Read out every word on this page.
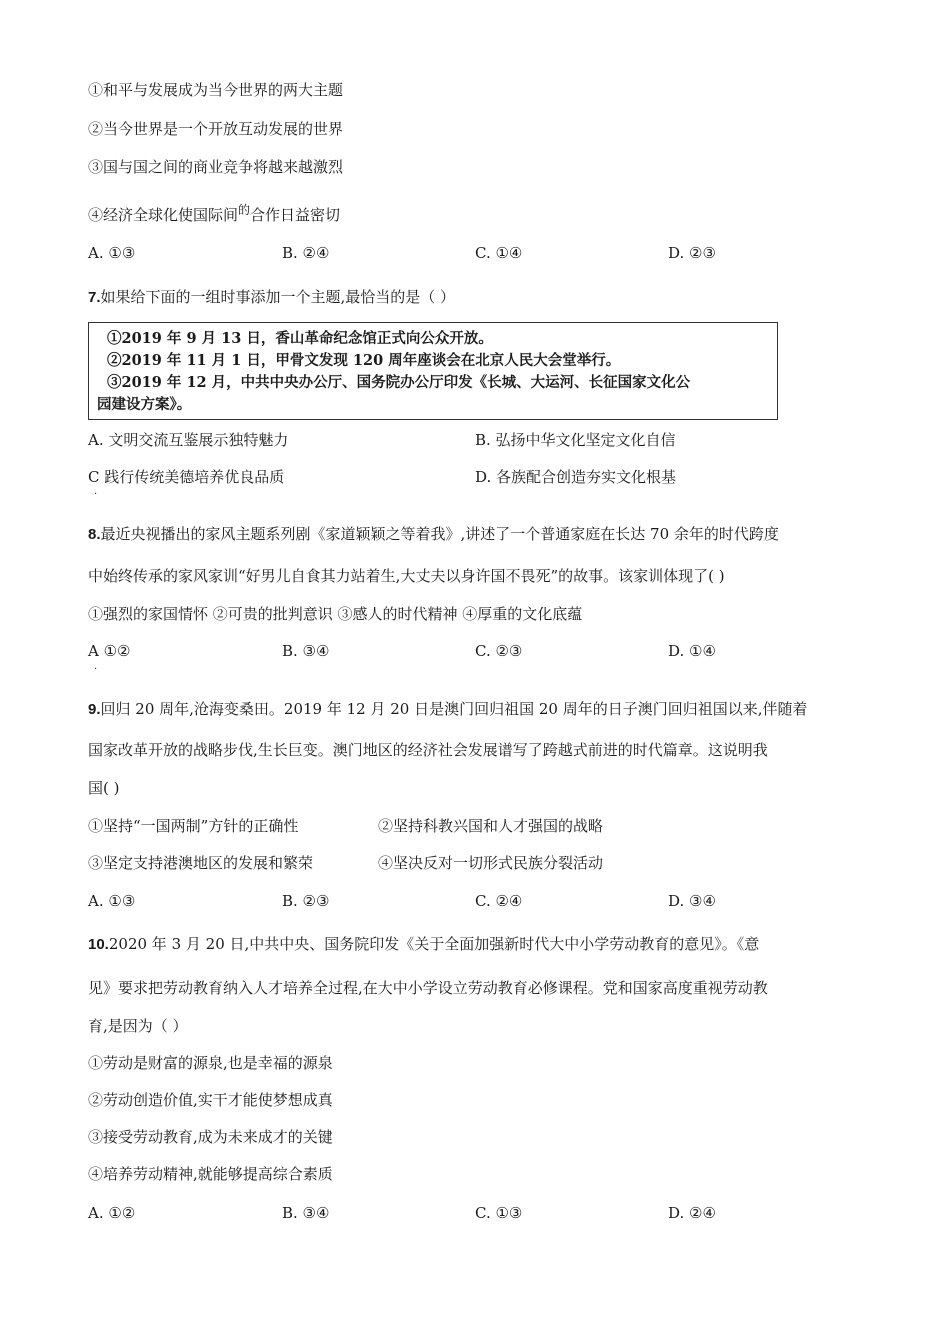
①和平与发展成为当今世界的两大主题
②当今世界是一个开放互动发展的世界
③国与国之间的商业竞争将越来越激烈
④经济全球化使国际间$^的$合作日益密切
A. ①③	B. ②④	C. ①④	D. ②③
7.如果给下面的一组时事添加一个主题,最恰当的是（ ）
①2019 年 9 月 13 日，香山革命纪念馆正式向公众开放。
②2019 年 11 月 1 日，甲骨文发现 120 周年座谈会在北京人民大会堂举行。
③2019 年 12 月，中共中央办公厅、国务院办公厅印发《长城、大运河、长征国家文化公
园建设方案》。
A. 文明交流互鉴展示独特魅力	B. 弘扬中华文化坚定文化自信
C 践行传统美德培养优良品质	D. 各族配合创造夯实文化根基
.
8.最近央视播出的家风主题系列剧《家道颖颖之等着我》,讲述了一个普通家庭在长达 70 余年的时代跨度
中始终传承的家风家训“好男儿自食其力站着生,大丈夫以身许国不畏死”的故事。该家训体现了( )
①强烈的家国情怀 ②可贵的批判意识 ③感人的时代精神 ④厚重的文化底蕴
A ①②	B. ③④	C. ②③	D. ①④
.
9.回归 20 周年,沧海变桑田。2019 年 12 月 20 日是澳门回归祖国 20 周年的日子澳门回归祖国以来,伴随着
国家改革开放的战略步伐,生长巨变。澳门地区的经济社会发展谱写了跨越式前进的时代篇章。这说明我
国( )
①坚持“一国两制”方针的正确性	②坚持科教兴国和人才强国的战略
③坚定支持港澳地区的发展和繁荣	④坚决反对一切形式民族分裂活动
A. ①③	B. ②③	C. ②④	D. ③④
10.2020 年 3 月 20 日,中共中央、国务院印发《关于全面加强新时代大中小学劳动教育的意见》。《意
见》要求把劳动教育纳入人才培养全过程,在大中小学设立劳动教育必修课程。党和国家高度重视劳动教
育,是因为（ ）
①劳动是财富的源泉,也是幸福的源泉
②劳动创造价值,实干才能使梦想成真
③接受劳动教育,成为未来成才的关键
④培养劳动精神,就能够提高综合素质
A. ①②	B. ③④	C. ①③	D. ②④
